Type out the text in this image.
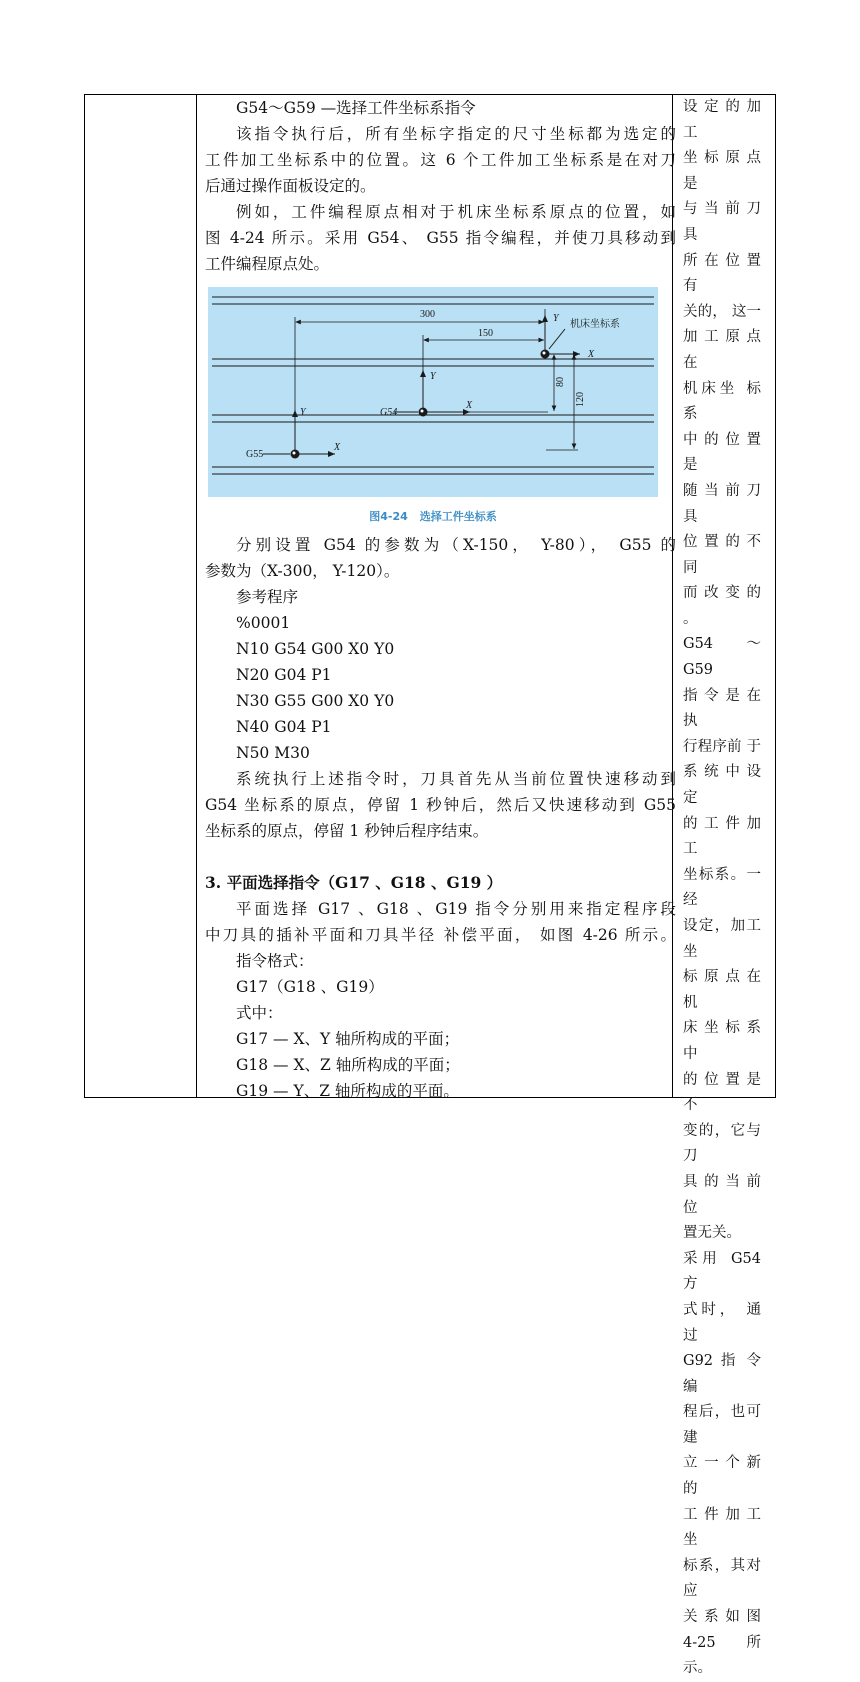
G54～G59 —选择工件坐标系指令

该指令执行后，所有坐标字指定的尺寸坐标都为选定的

工件加工坐标系中的位置。这 6 个工件加工坐标系是在对刀

后通过操作面板设定的。

例如，工件编程原点相对于机床坐标系原点的位置，如

图 4-24 所示。采用 G54、 G55 指令编程，并使刀具移动到

工件编程原点处。

300
150
80
120
机床坐标系
Y
X
Y
X
G54
Y
X
G55
图4-24 选择工件坐标系

分别设置 G54 的参数为（X-150， Y-80）， G55 的

参数为（X-300， Y-120）。

参考程序

%0001

N10 G54 G00 X0 Y0

N20 G04 P1

N30 G55 G00 X0 Y0

N40 G04 P1

N50 M30

系统执行上述指令时，刀具首先从当前位置快速移动到

G54 坐标系的原点，停留 1 秒钟后，然后又快速移动到 G55

坐标系的原点，停留 1 秒钟后程序结束。

3. 平面选择指令（G17 、G18 、G19 ）

平面选择 G17 、G18 、G19 指令分别用来指定程序段

中刀具的插补平面和刀具半径 补偿平面， 如图 4-26 所示。

指令格式：

G17（G18 、G19）

式中：

G17 — X、Y 轴所构成的平面；

G18 — X、Z 轴所构成的平面；

G19 — Y、Z 轴所构成的平面。

设 定 的 加 工

坐 标 原 点 是

与 当 前 刀 具

所 在 位 置 有

关的， 这一

加 工 原 点 在

机床坐 标 系

中 的 位 置 是

随 当 前 刀 具

位 置 的 不 同

而 改 变 的 。

G54 ～ G59

指 令 是 在 执

行程序前 于

系 统 中 设 定

的 工 件 加 工

坐标系。一经

设定，加工坐

标 原 点 在 机

床 坐 标 系 中

的 位 置 是 不

变的，它与刀

具 的 当 前 位

置无关。

采用 G54 方

式时， 通 过

G92 指 令 编

程后，也可建

立 一 个 新 的

工 件 加 工 坐

标系，其对应

关 系 如 图

4-25 所示。
